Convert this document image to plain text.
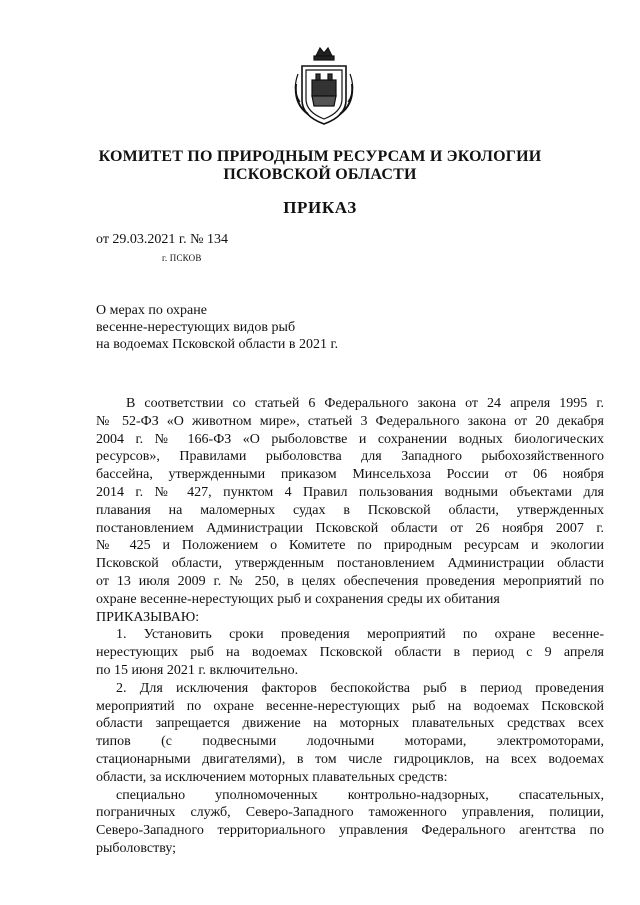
КОМИТЕТ ПО ПРИРОДНЫМ РЕСУРСАМ И ЭКОЛОГИИ
ПСКОВСКОЙ ОБЛАСТИ
ПРИКАЗ
от 29.03.2021 г. № 134
г. ПСКОВ
О мерах по охране
весенне-нерестующих видов рыб
на водоемах Псковской области в 2021 г.
В соответствии со статьей 6 Федерального закона от 24 апреля 1995 г.
№ 52-ФЗ «О животном мире», статьей 3 Федерального закона от 20 декабря
2004 г. № 166-ФЗ «О рыболовстве и сохранении водных биологических
ресурсов», Правилами рыболовства для Западного рыбохозяйственного
бассейна, утвержденными приказом Минсельхоза России от 06 ноября
2014 г. № 427, пунктом 4 Правил пользования водными объектами для
плавания на маломерных судах в Псковской области, утвержденных
постановлением Администрации Псковской области от 26 ноября 2007 г.
№ 425 и Положением о Комитете по природным ресурсам и экологии
Псковской области, утвержденным постановлением Администрации области
от 13 июля 2009 г. № 250, в целях обеспечения проведения мероприятий по
охране весенне-нерестующих рыб и сохранения среды их обитания
ПРИКАЗЫВАЮ:
1. Установить сроки проведения мероприятий по охране весенне-
нерестующих рыб на водоемах Псковской области в период с 9 апреля
по 15 июня 2021 г. включительно.
2. Для исключения факторов беспокойства рыб в период проведения
мероприятий по охране весенне-нерестующих рыб на водоемах Псковской
области запрещается движение на моторных плавательных средствах всех
типов (с подвесными лодочными моторами, электромоторами,
стационарными двигателями), в том числе гидроциклов, на всех водоемах
области, за исключением моторных плавательных средств:
специально уполномоченных контрольно-надзорных, спасательных,
пограничных служб, Северо-Западного таможенного управления, полиции,
Северо-Западного территориального управления Федерального агентства по
рыболовству;
